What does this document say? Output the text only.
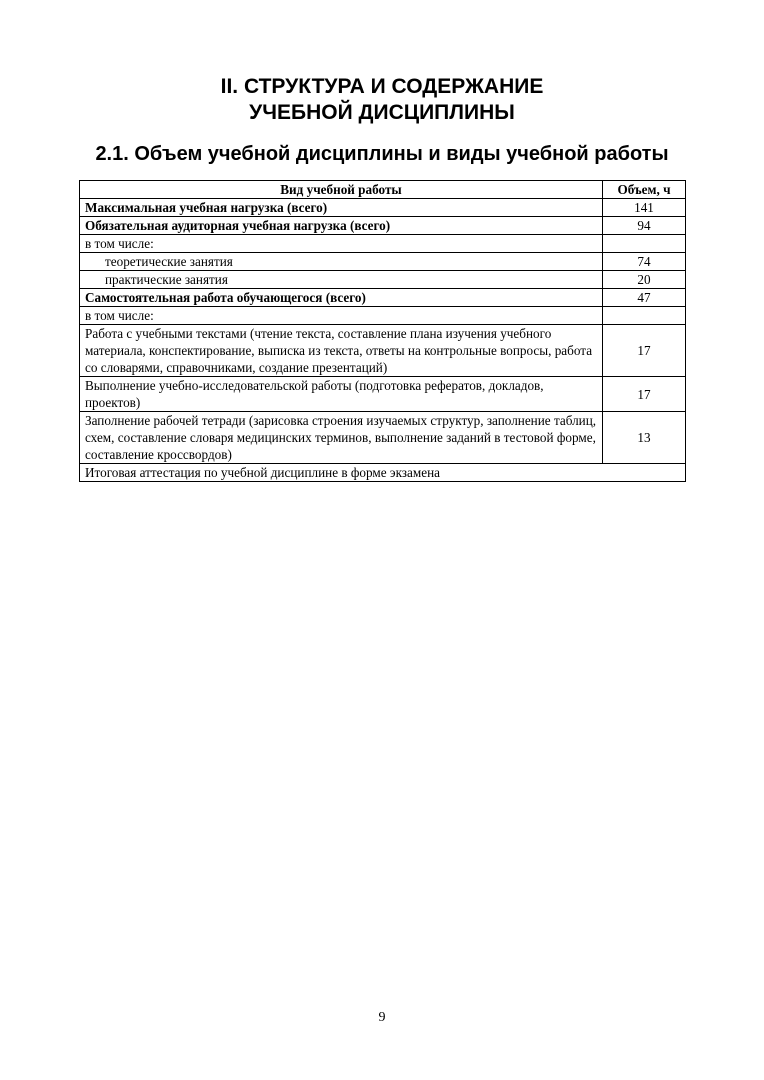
II. СТРУКТУРА И СОДЕРЖАНИЕ
УЧЕБНОЙ ДИСЦИПЛИНЫ
2.1. Объем учебной дисциплины и виды учебной работы
Вид учебной работы	Объем, ч
Максимальная учебная нагрузка (всего)	141
Обязательная аудиторная учебная нагрузка (всего)	94
в том числе:	
теоретические занятия	74
практические занятия	20
Самостоятельная работа обучающегося (всего)	47
в том числе:	
Работа с учебными текстами (чтение текста, составление плана изучения учебного материала, конспектирование, выписка из текста, ответы на контрольные вопросы, работа со словарями, справочниками, создание презентаций)	17
Выполнение учебно-исследовательской работы (подготовка рефератов, докладов, проектов)	17
Заполнение рабочей тетради (зарисовка строения изучаемых структур, заполнение таблиц, схем, составление словаря медицинских терминов, выполнение заданий в тестовой форме, составление кроссвордов)	13
Итоговая аттестация по учебной дисциплине в форме экзамена	
9
